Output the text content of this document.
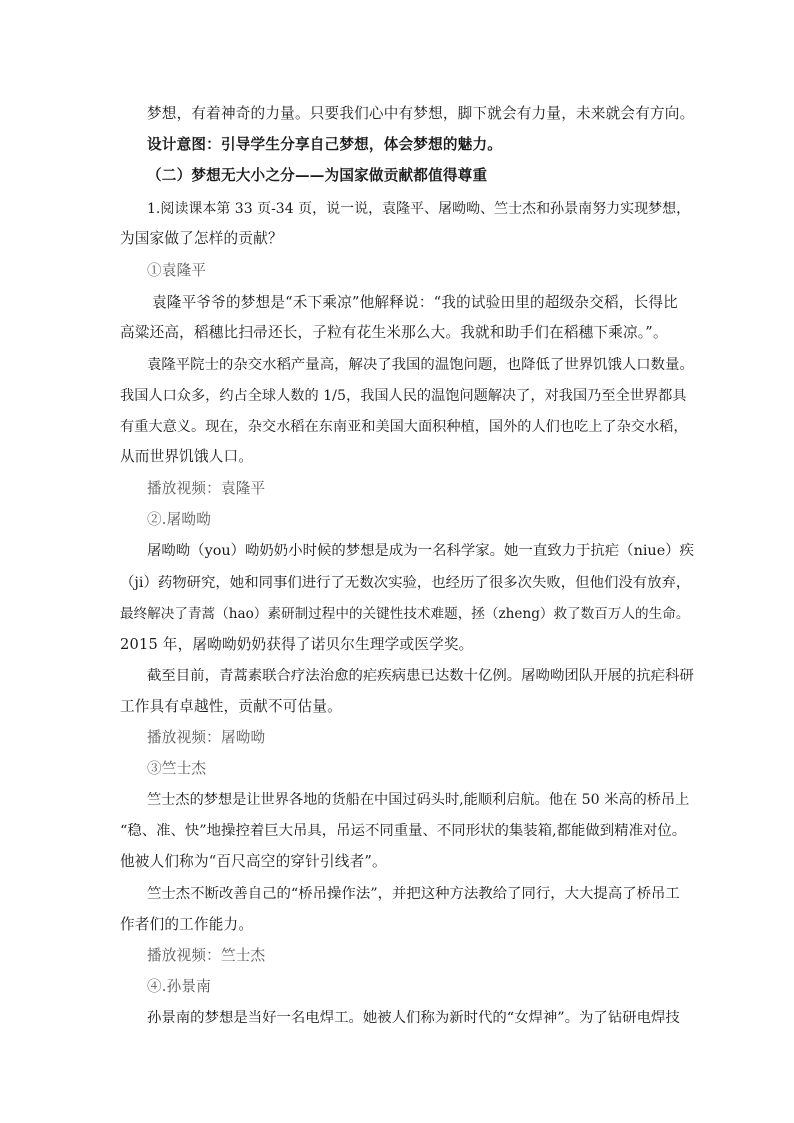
梦想，有着神奇的力量。只要我们心中有梦想，脚下就会有力量，未来就会有方向。
设计意图：引导学生分享自己梦想，体会梦想的魅力。
（二）梦想无大小之分——为国家做贡献都值得尊重
1.阅读课本第 33 页-34 页，说一说，袁隆平、屠呦呦、竺士杰和孙景南努力实现梦想，
为国家做了怎样的贡献？
①袁隆平
袁隆平爷爷的梦想是“禾下乘凉”他解释说：“我的试验田里的超级杂交稻，长得比
高粱还高，稻穗比扫帚还长，子粒有花生米那么大。我就和助手们在稻穗下乘凉。”。
袁隆平院士的杂交水稻产量高，解决了我国的温饱问题，也降低了世界饥饿人口数量。
我国人口众多，约占全球人数的 1/5，我国人民的温饱问题解决了，对我国乃至全世界都具
有重大意义。现在，杂交水稻在东南亚和美国大面积种植，国外的人们也吃上了杂交水稻，
从而世界饥饿人口。
播放视频：袁隆平
②.屠呦呦
屠呦呦（you）呦奶奶小时候的梦想是成为一名科学家。她一直致力于抗疟（niue）疾
（ji）药物研究，她和同事们进行了无数次实验，也经历了很多次失败，但他们没有放弃，
最终解决了青蒿（hao）素研制过程中的关键性技术难题，拯（zheng）救了数百万人的生命。
2015 年，屠呦呦奶奶获得了诺贝尔生理学或医学奖。
截至目前，青蒿素联合疗法治愈的疟疾病患已达数十亿例。屠呦呦团队开展的抗疟科研
工作具有卓越性，贡献不可估量。
播放视频：屠呦呦
③竺士杰
竺士杰的梦想是让世界各地的货船在中国过码头时,能顺利启航。他在 50 米高的桥吊上
“稳、准、快”地操控着巨大吊具，吊运不同重量、不同形状的集装箱,都能做到精准对位。
他被人们称为“百尺高空的穿针引线者”。
竺士杰不断改善自己的“桥吊操作法”，并把这种方法教给了同行，大大提高了桥吊工
作者们的工作能力。
播放视频：竺士杰
④.孙景南
孙景南的梦想是当好一名电焊工。她被人们称为新时代的“女焊神”。为了钻研电焊技
